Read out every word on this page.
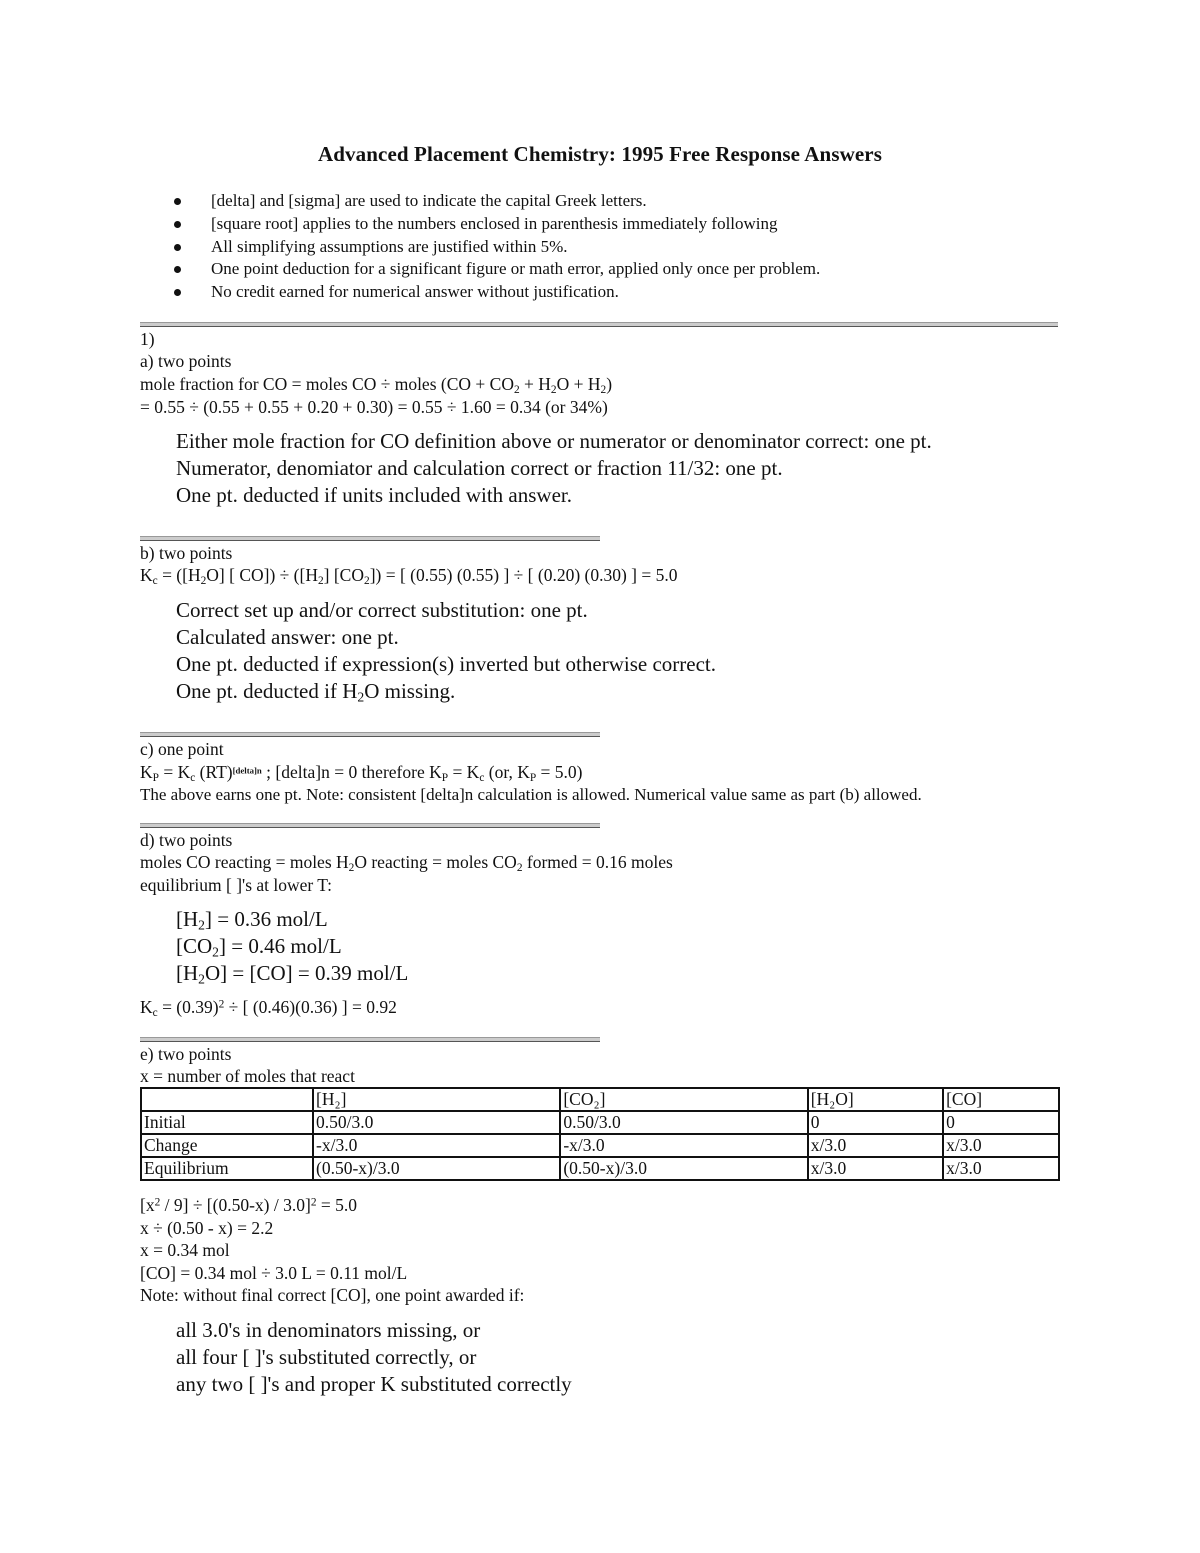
Advanced Placement Chemistry: 1995 Free Response Answers
[delta] and [sigma] are used to indicate the capital Greek letters.
[square root] applies to the numbers enclosed in parenthesis immediately following
All simplifying assumptions are justified within 5%.
One point deduction for a significant figure or math error, applied only once per problem.
No credit earned for numerical answer without justification.
1)
a) two points
mole fraction for CO = moles CO ÷ moles $(CO + CO_2 + H_2O + H_2)$
= 0.55 ÷ (0.55 + 0.55 + 0.20 + 0.30) = 0.55 ÷ 1.60 = 0.34 (or 34%)
Either mole fraction for CO definition above or numerator or denominator correct: one pt.
Numerator, denomiator and calculation correct or fraction 11/32: one pt.
One pt. deducted if units included with answer.
b) two points
$K_c = ([H_2O]$ [ $CO]) \div ([H_2] [CO_2])$ = [ (0.55) (0.55) ] ÷ [ (0.20) (0.30) ] = 5.0
Correct set up and/or correct substitution: one pt.
Calculated answer: one pt.
One pt. deducted if expression(s) inverted but otherwise correct.
One pt. deducted if $H_2O$ missing.
c) one point
$K_P = K_c$ (RT)$^{[delta]n}$ ; [delta]n = 0 therefore $K_P = K_c$ (or, $K_P = 5.0$)
The above earns one pt. Note: consistent [delta]n calculation is allowed. Numerical value same as part (b) allowed.
d) two points
moles CO reacting = moles $H_2O$ reacting = moles $CO_2$ formed = 0.16 moles
equilibrium [ ]'s at lower T:
$[H_2] = 0.36$ mol/L
$[CO_2] = 0.46$ mol/L
$[H_2O] = [CO] = 0.39$ mol/L
$K_c = (0.39)^2$ ÷ [ (0.46)(0.36) ] = 0.92
e) two points
x = number of moles that react
	[H₂]	[CO₂]	[H₂O]	[CO]
Initial	0.50/3.0	0.50/3.0	0	0
Change	-x/3.0	-x/3.0	x/3.0	x/3.0
Equilibrium	(0.50-x)/3.0	(0.50-x)/3.0	x/3.0	x/3.0
$[x^2 / 9] \div [(0.50-x) / 3.0]^2 = 5.0$
x ÷ (0.50 - x) = 2.2
x = 0.34 mol
[CO] = 0.34 mol ÷ 3.0 L = 0.11 mol/L
Note: without final correct [CO], one point awarded if:
all 3.0's in denominators missing, or
all four [ ]'s substituted correctly, or
any two [ ]'s and proper K substituted correctly
